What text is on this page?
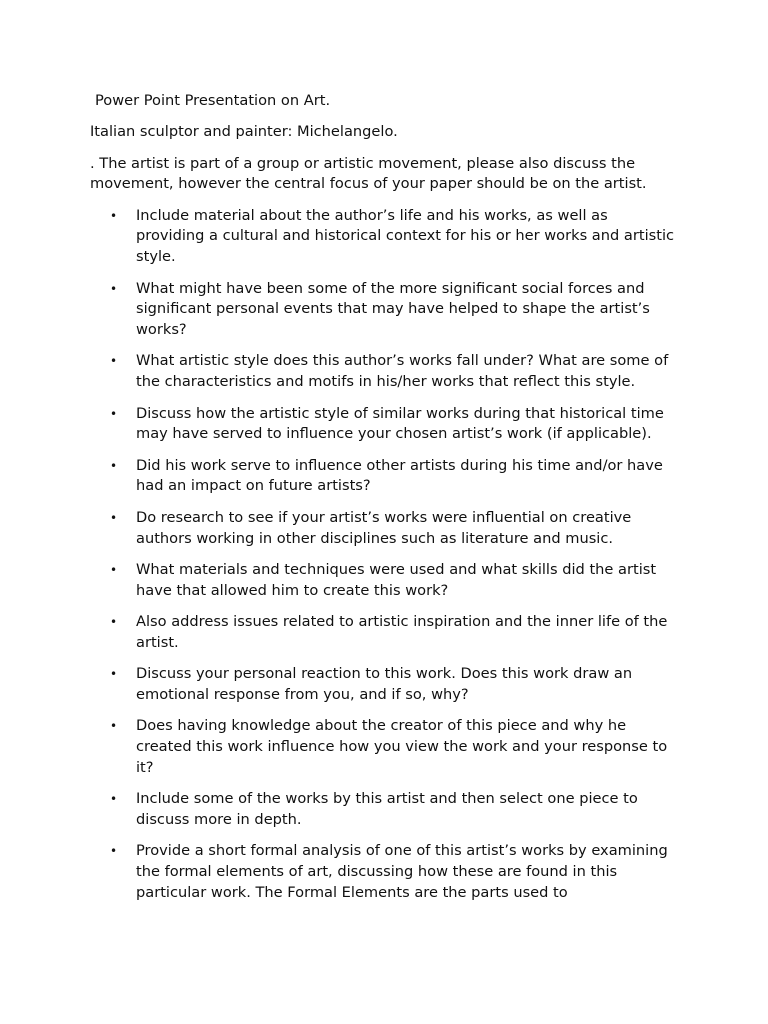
Power Point Presentation on Art.

Italian sculptor and painter: Michelangelo.

. The artist is part of a group or artistic movement, please also discuss the movement, however the central focus of your paper should be on the artist.

•	Include material about the author’s life and his works, as well as providing a cultural and historical context for his or her works and artistic style.
•	What might have been some of the more significant social forces and significant personal events that may have helped to shape the artist’s works?
•	What artistic style does this author’s works fall under? What are some of the characteristics and motifs in his/her works that reflect this style.
•	Discuss how the artistic style of similar works during that historical time may have served to influence your chosen artist’s work (if applicable).
•	Did his work serve to influence other artists during his time and/or have had an impact on future artists?
•	Do research to see if your artist’s works were influential on creative authors working in other disciplines such as literature and music.
•	What materials and techniques were used and what skills did the artist have that allowed him to create this work?
•	Also address issues related to artistic inspiration and the inner life of the artist.
•	Discuss your personal reaction to this work. Does this work draw an emotional response from you, and if so, why?
•	Does having knowledge about the creator of this piece and why he created this work influence how you view the work and your response to it?
•	Include some of the works by this artist and then select one piece to discuss more in depth.
•	Provide a short formal analysis of one of this artist’s works by examining the formal elements of art, discussing how these are found in this particular work. The Formal Elements are the parts used to
